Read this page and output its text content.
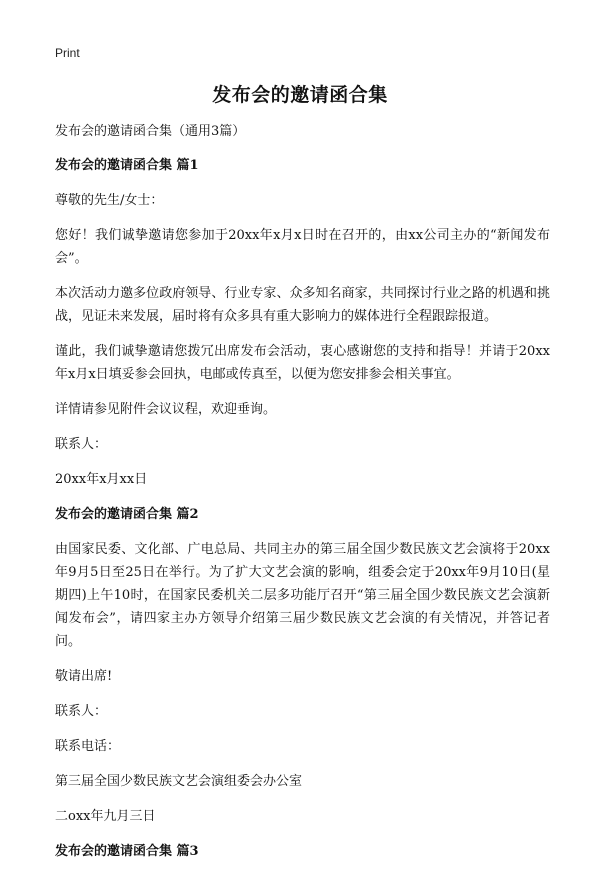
Print
发布会的邀请函合集
发布会的邀请函合集（通用3篇）
发布会的邀请函合集 篇1
尊敬的先生/女士：
您好！我们诚挚邀请您参加于20xx年x月x日时在召开的，由xx公司主办的“新闻发布会”。
本次活动力邀多位政府领导、行业专家、众多知名商家，共同探讨行业之路的机遇和挑战，见证未来发展，届时将有众多具有重大影响力的媒体进行全程跟踪报道。
谨此，我们诚挚邀请您拨冗出席发布会活动，衷心感谢您的支持和指导！并请于20xx年x月x日填妥参会回执，电邮或传真至，以便为您安排参会相关事宜。
详情请参见附件会议议程，欢迎垂询。
联系人：
20xx年x月xx日
发布会的邀请函合集 篇2
由国家民委、文化部、广电总局、共同主办的第三届全国少数民族文艺会演将于20xx年9月5日至25日在举行。为了扩大文艺会演的影响，组委会定于20xx年9月10日(星期四)上午10时，在国家民委机关二层多功能厅召开“第三届全国少数民族文艺会演新闻发布会”，请四家主办方领导介绍第三届少数民族文艺会演的有关情况，并答记者问。
敬请出席!
联系人：
联系电话：
第三届全国少数民族文艺会演组委会办公室
二oxx年九月三日
发布会的邀请函合集 篇3
